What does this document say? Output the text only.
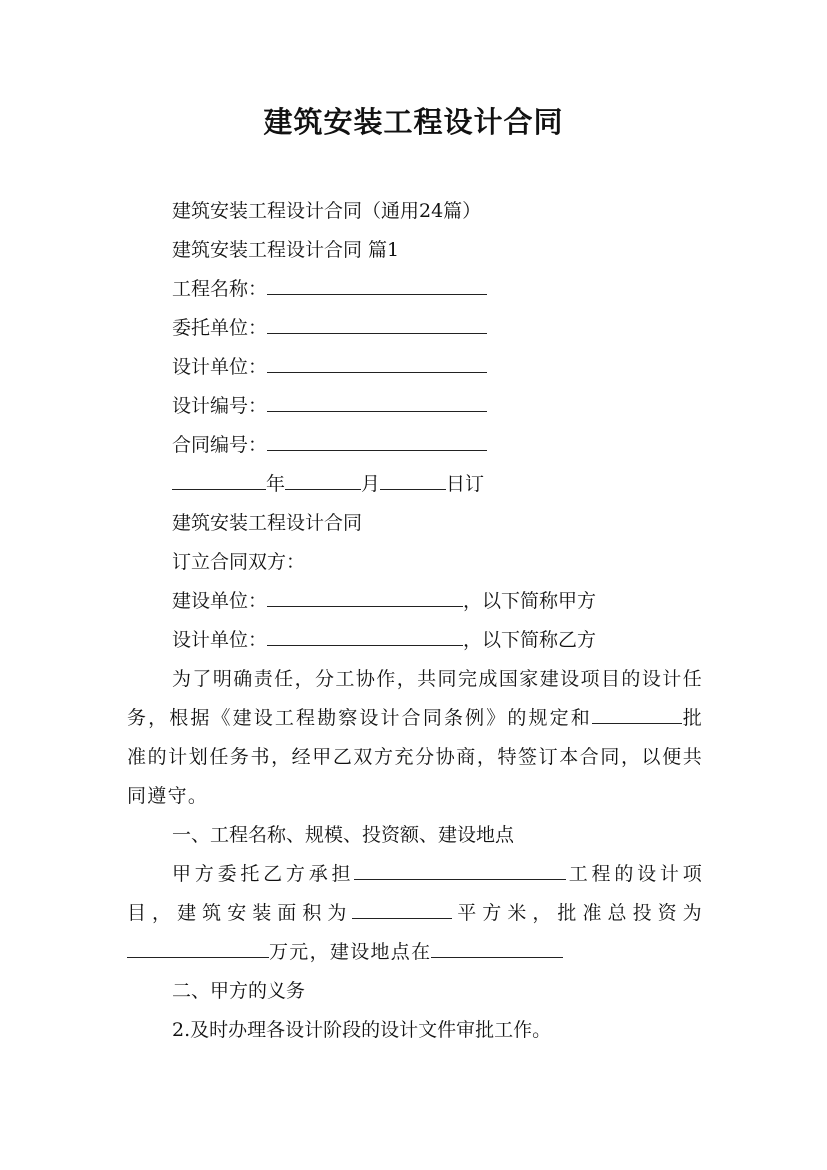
建筑安装工程设计合同
建筑安装工程设计合同（通用24篇）
建筑安装工程设计合同 篇1
工程名称：
委托单位：
设计单位：
设计编号：
合同编号：
年	月	日订
建筑安装工程设计合同
订立合同双方：
建设单位：	，以下简称甲方
设计单位：	，以下简称乙方
为了明确责任，分工协作，共同完成国家建设项目的设计任务，根据《建设工程勘察设计合同条例》的规定和	批准的计划任务书，经甲乙双方充分协商，特签订本合同，以便共同遵守。
一、工程名称、规模、投资额、建设地点
甲方委托乙方承担	工程的设计项目，建筑安装面积为	平方米，批准总投资为万元，建设地点在
二、甲方的义务
2.及时办理各设计阶段的设计文件审批工作。
